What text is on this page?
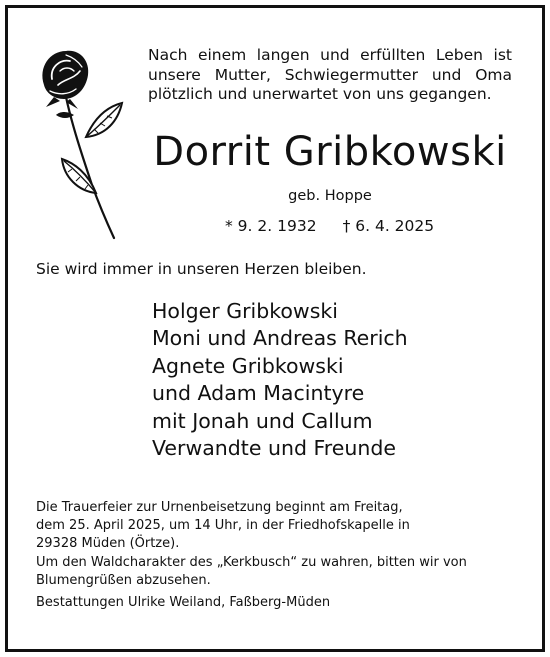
Nach einem langen und erfüllten Leben ist
unsere Mutter, Schwiegermutter und Oma
plötzlich und unerwartet von uns gegangen.
Dorrit Gribkowski
geb. Hoppe
* 9. 2. 1932 † 6. 4. 2025
Sie wird immer in unseren Herzen bleiben.
Holger Gribkowski
Moni und Andreas Rerich
Agnete Gribkowski
und Adam Macintyre
mit Jonah und Callum
Verwandte und Freunde
Die Trauerfeier zur Urnenbeisetzung beginnt am Freitag,
dem 25. April 2025, um 14 Uhr, in der Friedhofskapelle in
29328 Müden (Örtze).
Um den Waldcharakter des „Kerkbusch“ zu wahren, bitten wir von
Blumengrüßen abzusehen.
Bestattungen Ulrike Weiland, Faßberg-Müden
